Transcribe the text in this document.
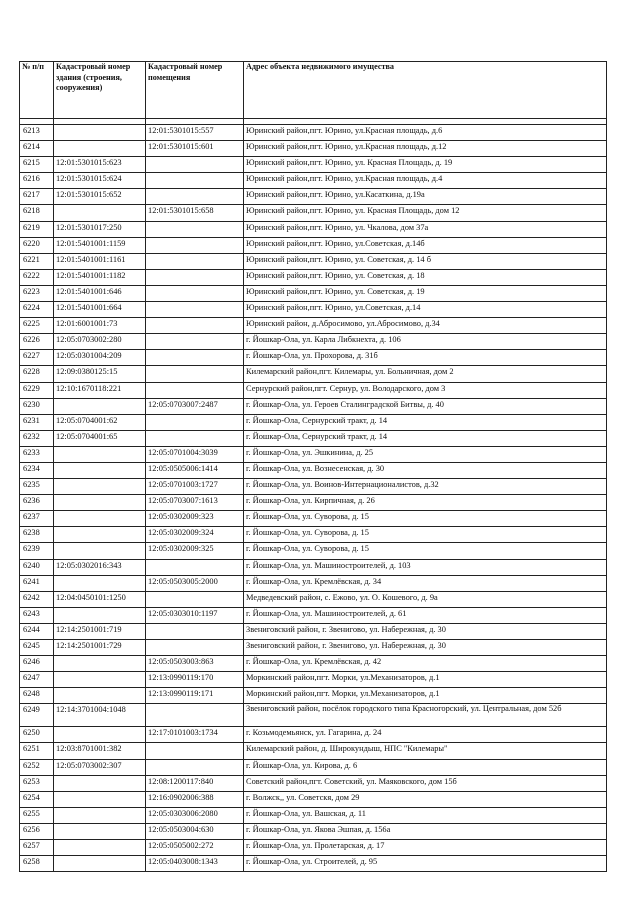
№ п/п	Кадастровый номер здания (строения, сооружения)	Кадастровый номер помещения	Адрес объекта недвижимого имущества

6213		12:01:5301015:557	Юринский район,пгт. Юрино, ул.Красная площадь, д.6
6214		12:01:5301015:601	Юринский район,пгт. Юрино, ул.Красная площадь, д.12
6215	12:01:5301015:623		Юринский район,пгт. Юрино, ул. Красная Площадь, д. 19
6216	12:01:5301015:624		Юринский район,пгт. Юрино, ул.Красная площадь, д.4
6217	12:01:5301015:652		Юринский район,пгт. Юрино, ул.Касаткина, д.19а
6218		12:01:5301015:658	Юринский район,пгт. Юрино, ул. Красная Площадь, дом 12
6219	12:01:5301017:250		Юринский район,пгт. Юрино, ул. Чкалова, дом 37а
6220	12:01:5401001:1159		Юринский район,пгт. Юрино, ул.Советская, д.14б
6221	12:01:5401001:1161		Юринский район,пгт. Юрино, ул. Советская, д. 14 б
6222	12:01:5401001:1182		Юринский район,пгт. Юрино, ул. Советская, д. 18
6223	12:01:5401001:646		Юринский район,пгт. Юрино, ул. Советская, д. 19
6224	12:01:5401001:664		Юринский район,пгт. Юрино, ул.Советская, д.14
6225	12:01:6001001:73		Юринский район, д.Абросимово, ул.Абросимово, д.34
6226	12:05:0703002:280		г. Йошкар-Ола, ул. Карла Либкнехта, д. 106
6227	12:05:0301004:209		г. Йошкар-Ола, ул. Прохорова, д. 31б
6228	12:09:0380125:15		Килемарский район,пгт. Килемары, ул. Больничная, дом 2
6229	12:10:1670118:221		Сернурский район,пгт. Сернур, ул. Володарского, дом 3
6230		12:05:0703007:2487	г. Йошкар-Ола, ул. Героев Сталинградской Битвы, д. 40
6231	12:05:0704001:62		г. Йошкар-Ола, Сернурский тракт, д. 14
6232	12:05:0704001:65		г. Йошкар-Ола, Сернурский тракт, д. 14
6233		12:05:0701004:3039	г. Йошкар-Ола, ул. Эшкинина, д. 25
6234		12:05:0505006:1414	г. Йошкар-Ола, ул. Вознесенская, д. 30
6235		12:05:0701003:1727	г. Йошкар-Ола, ул. Воинов-Интернационалистов, д.32
6236		12:05:0703007:1613	г. Йошкар-Ола, ул. Кирпичнaя, д. 26
6237		12:05:0302009:323	г. Йошкар-Ола, ул. Суворова, д. 15
6238		12:05:0302009:324	г. Йошкар-Ола, ул. Суворова, д. 15
6239		12:05:0302009:325	г. Йошкар-Ола, ул. Суворова, д. 15
6240	12:05:0302016:343		г. Йошкар-Ола, ул. Машиностроителей, д. 103
6241		12:05:0503005:2000	г. Йошкар-Ола, ул. Кремлёвская, д. 34
6242	12:04:0450101:1250		Медведевский район, с. Ежово, ул. О. Кошевого, д. 9а
6243		12:05:0303010:1197	г. Йошкар-Ола, ул. Машиностроителей, д. 61
6244	12:14:2501001:719		Звениговский район, г. Звенигово, ул. Набережная, д. 30
6245	12:14:2501001:729		Звениговский район, г. Звенигово, ул. Набережная, д. 30
6246		12:05:0503003:863	г. Йошкар-Ола, ул. Кремлёвская, д. 42
6247		12:13:0990119:170	Моркинский район,пгт. Морки, ул.Механизаторов, д.1
6248		12:13:0990119:171	Моркинский район,пгт. Морки, ул.Механизаторов, д.1
6249	12:14:3701004:1048		Звениговский район, посёлок городского типа Красногорский, ул. Центральная, дом 52б
6250		12:17:0101003:1734	г. Козьмодемьянск, ул. Гагарина, д. 24
6251	12:03:8701001:382		Килемарский район, д. Широкундыш, НПС "Килемары"
6252	12:05:0703002:307		г. Йошкар-Ола, ул. Кирова, д. 6
6253		12:08:1200117:840	Советский район,пгт. Советский, ул. Маяковского, дом 15б
6254		12:16:0902006:388	г. Волжск,, ул. Советскя, дом 29
6255		12:05:0303006:2080	г. Йошкар-Ола, ул. Вашская, д. 11
6256		12:05:0503004:630	г. Йошкар-Ола, ул. Якова Эшпая, д. 156а
6257		12:05:0505002:272	г. Йошкар-Ола, ул. Пролетарская, д. 17
6258		12:05:0403008:1343	г. Йошкар-Ола, ул. Строителей, д. 95
